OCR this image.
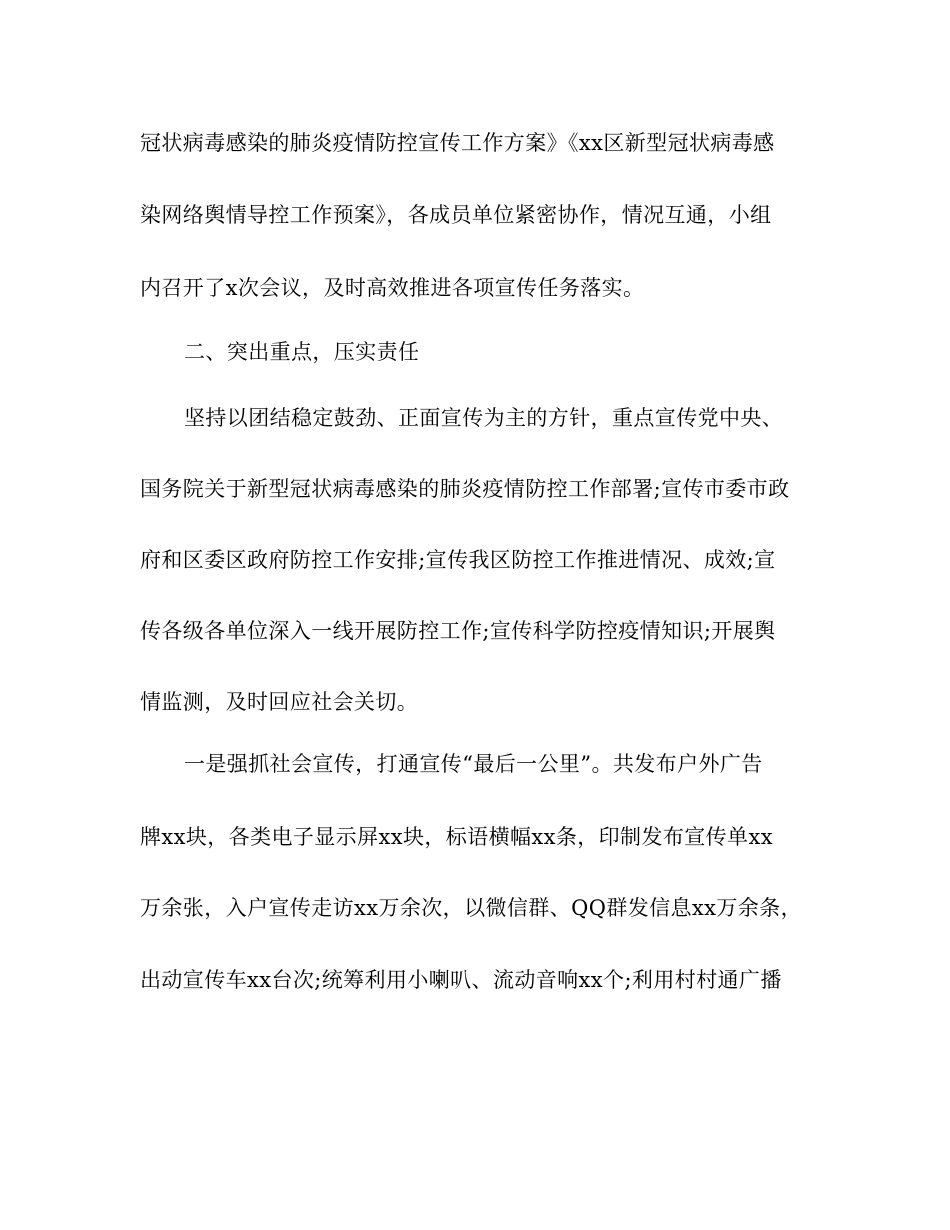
冠状病毒感染的肺炎疫情防控宣传工作方案》《xx区新型冠状病毒感
染网络舆情导控工作预案》，各成员单位紧密协作，情况互通，小组
内召开了x次会议，及时高效推进各项宣传任务落实。
二、突出重点，压实责任
坚持以团结稳定鼓劲、正面宣传为主的方针，重点宣传党中央、
国务院关于新型冠状病毒感染的肺炎疫情防控工作部署;宣传市委市政
府和区委区政府防控工作安排;宣传我区防控工作推进情况、成效;宣
传各级各单位深入一线开展防控工作;宣传科学防控疫情知识;开展舆
情监测，及时回应社会关切。
一是强抓社会宣传，打通宣传“最后一公里”。共发布户外广告
牌xx块，各类电子显示屏xx块，标语横幅xx条，印制发布宣传单xx
万余张，入户宣传走访xx万余次，以微信群、QQ群发信息xx万余条，
出动宣传车xx台次;统筹利用小喇叭、流动音响xx个;利用村村通广播
